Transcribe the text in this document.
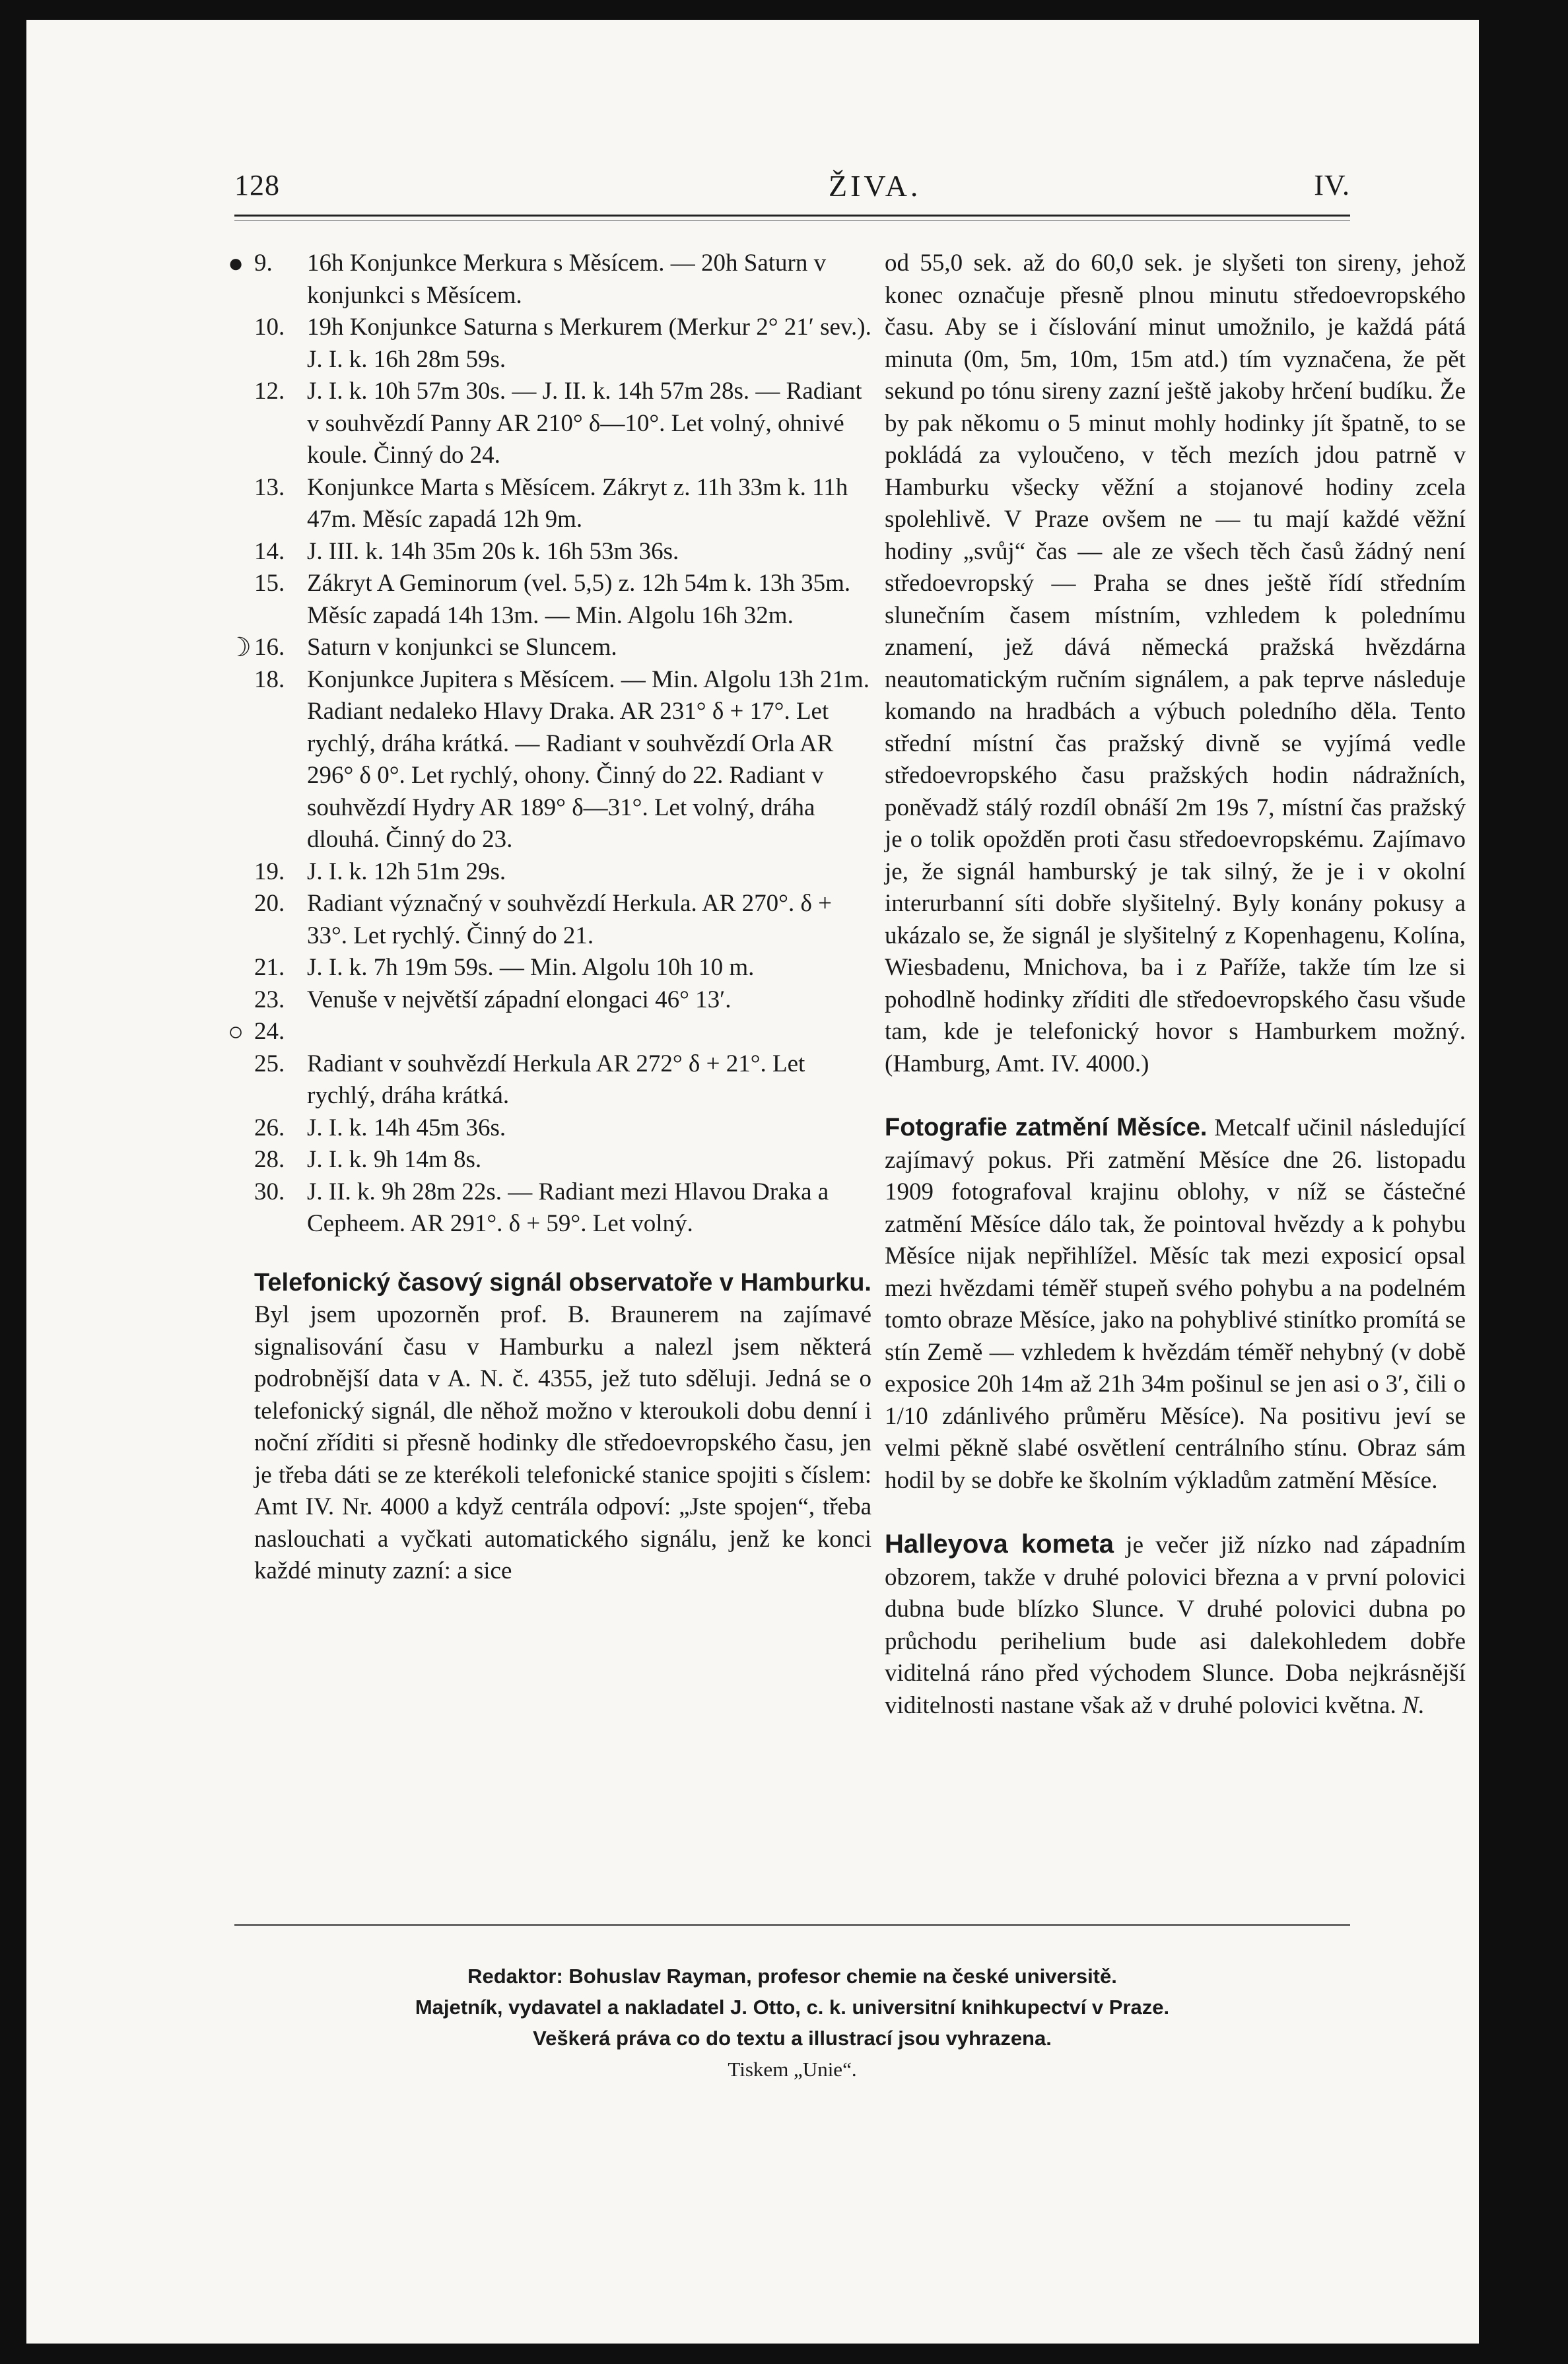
128	ŽIVA.	IV.
● 9.	16h Konjunkce Merkura s Měsícem. — 20h Saturn v konjunkci s Měsícem.
10. 19h Konjunkce Saturna s Merkurem (Merkur 2° 21′ sev.). J. I. k. 16h 28m 59s.
12. J. I. k. 10h 57m 30s. — J. II. k. 14h 57m 28s. — Radiant v souhvězdí Panny AR 210° δ—10°. Let volný, ohnivé koule. Činný do 24.
13. Konjunkce Marta s Měsícem. Zákryt z. 11h 33m k. 11h 47m. Měsíc zapadá 12h 9m.
14. J. III. k. 14h 35m 20s k. 16h 53m 36s.
15. Zákryt A Geminorum (vel. 5,5) z. 12h 54m k. 13h 35m. Měsíc zapadá 14h 13m. — Min. Algolu 16h 32m.
☽ 16. Saturn v konjunkci se Sluncem.
18. Konjunkce Jupitera s Měsícem. — Min. Algolu 13h 21m. Radiant nedaleko Hlavy Draka. AR 231° δ + 17°. Let rychlý, dráha krátká. — Radiant v souhvězdí Orla AR 296° δ 0°. Let rychlý, ohony. Činný do 22. Radiant v souhvězdí Hydry AR 189° δ—31°. Let volný, dráha dlouhá. Činný do 23.
19. J. I. k. 12h 51m 29s.
20. Radiant význačný v souhvězdí Herkula. AR 270°. δ + 33°. Let rychlý. Činný do 21.
21. J. I. k. 7h 19m 59s. — Min. Algolu 10h 10 m.
23. Venuše v největší západní elongaci 46° 13′.
○ 24.
25. Radiant v souhvězdí Herkula AR 272° δ + 21°. Let rychlý, dráha krátká.
26. J. I. k. 14h 45m 36s.
28. J. I. k. 9h 14m 8s.
30. J. II. k. 9h 28m 22s. — Radiant mezi Hlavou Draka a Cepheem. AR 291°. δ + 59°. Let volný.
Telefonický časový signál observatoře v Hamburku. Byl jsem upozorněn prof. B. Braunerem na zajímavé signalisování času v Hamburku a nalezl jsem některá podrobnější data v A. N. č. 4355, jež tuto sděluji. Jedná se o telefonický signál, dle něhož možno v kteroukoli dobu denní i noční zříditi si přesně hodinky dle středoevropského času, jen je třeba dáti se ze kterékoli telefonické stanice spojiti s číslem: Amt IV. Nr. 4000 a když centrála odpoví: „Jste spojen“, třeba naslouchati a vyčkati automatického signálu, jenž ke konci každé minuty zazní: a sice

od 55,0 sek. až do 60,0 sek. je slyšeti ton sireny, jehož konec označuje přesně plnou minutu středoevropského času. Aby se i číslování minut umožnilo, je každá pátá minuta (0m, 5m, 10m, 15m atd.) tím vyznačena, že pět sekund po tónu sireny zazní ještě jakoby hrčení budíku. Že by pak někomu o 5 minut mohly hodinky jít špatně, to se pokládá za vyloučeno, v těch mezích jdou patrně v Hamburku všecky věžní a stojanové hodiny zcela spolehlivě. V Praze ovšem ne — tu mají každé věžní hodiny „svůj“ čas — ale ze všech těch časů žádný není středoevropský — Praha se dnes ještě řídí středním slunečním časem místním, vzhledem k polednímu znamení, jež dává německá pražská hvězdárna neautomatickým ručním signálem, a pak teprve následuje komando na hradbách a výbuch poledního děla. Tento střední místní čas pražský divně se vyjímá vedle středoevropského času pražských hodin nádražních, poněvadž stálý rozdíl obnáší 2m 19s 7, místní čas pražský je o tolik opožděn proti času středoevropskému. Zajímavo je, že signál hamburský je tak silný, že je i v okolní interurbanní síti dobře slyšitelný. Byly konány pokusy a ukázalo se, že signál je slyšitelný z Kopenhagenu, Kolína, Wiesbadenu, Mnichova, ba i z Paříže, takže tím lze si pohodlně hodinky zříditi dle středoevropského času všude tam, kde je telefonický hovor s Hamburkem možný. (Hamburg, Amt. IV. 4000.)

Fotografie zatmění Měsíce. Metcalf učinil následující zajímavý pokus. Při zatmění Měsíce dne 26. listopadu 1909 fotografoval krajinu oblohy, v níž se částečné zatmění Měsíce dálo tak, že pointoval hvězdy a k pohybu Měsíce nijak nepřihlížel. Měsíc tak mezi exposicí opsal mezi hvězdami téměř stupeň svého pohybu a na podelném tomto obraze Měsíce, jako na pohyblivé stinítko promítá se stín Země — vzhledem k hvězdám téměř nehybný (v době exposice 20h 14m až 21h 34m pošinul se jen asi o 3′, čili o 1/10 zdánlivého průměru Měsíce). Na positivu jeví se velmi pěkně slabé osvětlení centrálního stínu. Obraz sám hodil by se dobře ke školním výkladům zatmění Měsíce.
Halleyova kometa je večer již nízko nad západním obzorem, takže v druhé polovici března a v první polovici dubna bude blízko Slunce. V druhé polovici dubna po průchodu perihelium bude asi dalekohledem dobře viditelná ráno před východem Slunce. Doba nejkrásnější viditelnosti nastane však až v druhé polovici května. N.
Redaktor: Bohuslav Rayman, profesor chemie na české universitě.
Majetník, vydavatel a nakladatel J. Otto, c. k. universitní knihkupectví v Praze.
Veškerá práva co do textu a illustrací jsou vyhrazena.
Tiskem „Unie“.
